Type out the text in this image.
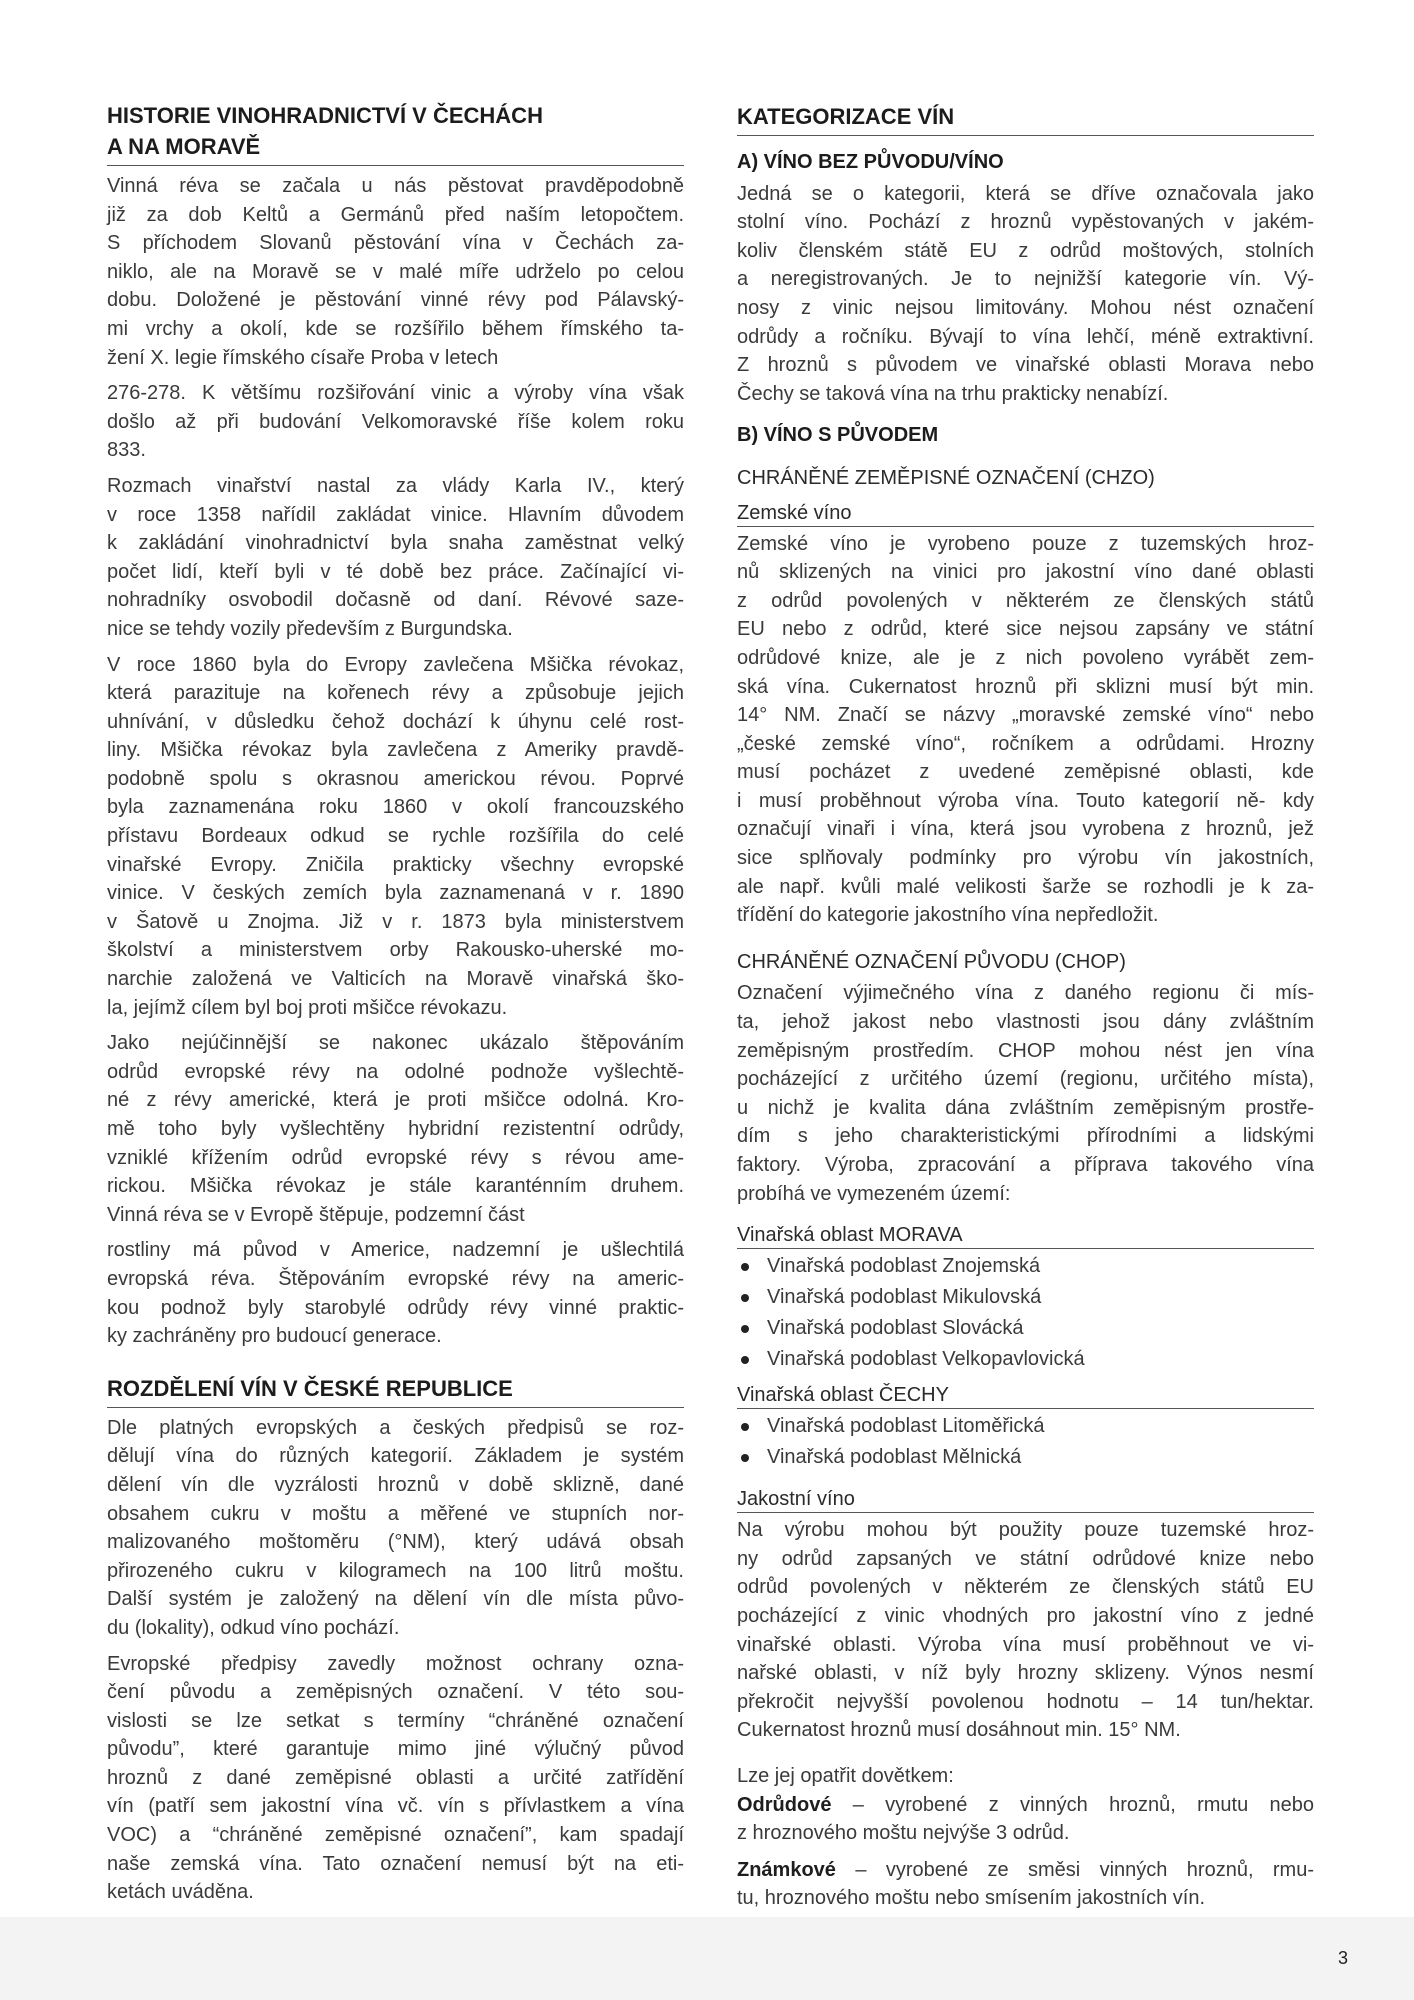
HISTORIE VINOHRADNICTVÍ V ČECHÁCH
A NA MORAVĚ
Vinná réva se začala u nás pěstovat pravděpodobně
již za dob Keltů a Germánů před naším letopočtem.
S příchodem Slovanů pěstování vína v Čechách za-
niklo, ale na Moravě se v malé míře udrželo po celou
dobu. Doložené je pěstování vinné révy pod Pálavský-
mi vrchy a okolí, kde se rozšířilo během římského ta-
žení X. legie římského císaře Proba v letech
276-278. K většímu rozšiřování vinic a výroby vína však
došlo až při budování Velkomoravské říše kolem roku
833.
Rozmach vinařství nastal za vlády Karla IV., který
v roce 1358 nařídil zakládat vinice. Hlavním důvodem
k zakládání vinohradnictví byla snaha zaměstnat velký
počet lidí, kteří byli v té době bez práce. Začínající vi-
nohradníky osvobodil dočasně od daní. Révové saze-
nice se tehdy vozily především z Burgundska.
V roce 1860 byla do Evropy zavlečena Mšička révokaz,
která parazituje na kořenech révy a způsobuje jejich
uhnívání, v důsledku čehož dochází k úhynu celé rost-
liny. Mšička révokaz byla zavlečena z Ameriky pravdě-
podobně spolu s okrasnou americkou révou. Poprvé
byla zaznamenána roku 1860 v okolí francouzského
přístavu Bordeaux odkud se rychle rozšířila do celé
vinařské Evropy. Zničila prakticky všechny evropské
vinice. V českých zemích byla zaznamenaná v r. 1890
v Šatově u Znojma. Již v r. 1873 byla ministerstvem
školství a ministerstvem orby Rakousko-uherské mo-
narchie založená ve Valticích na Moravě vinařská ško-
la, jejímž cílem byl boj proti mšičce révokazu.
Jako nejúčinnější se nakonec ukázalo štěpováním
odrůd evropské révy na odolné podnože vyšlechtě-
né z révy americké, která je proti mšičce odolná. Kro-
mě toho byly vyšlechtěny hybridní rezistentní odrůdy,
vzniklé křížením odrůd evropské révy s révou ame-
rickou. Mšička révokaz je stále karanténním druhem.
Vinná réva se v Evropě štěpuje, podzemní část
rostliny má původ v Americe, nadzemní je ušlechtilá
evropská réva. Štěpováním evropské révy na americ-
kou podnož byly starobylé odrůdy révy vinné praktic-
ky zachráněny pro budoucí generace.
ROZDĚLENÍ VÍN V ČESKÉ REPUBLICE
Dle platných evropských a českých předpisů se roz-
dělují vína do různých kategorií. Základem je systém
dělení vín dle vyzrálosti hroznů v době sklizně, dané
obsahem cukru v moštu a měřené ve stupních nor-
malizovaného moštoměru (°NM), který udává obsah
přirozeného cukru v kilogramech na 100 litrů moštu.
Další systém je založený na dělení vín dle místa půvo-
du (lokality), odkud víno pochází.
Evropské předpisy zavedly možnost ochrany ozna-
čení původu a zeměpisných označení. V této sou-
vislosti se lze setkat s termíny “chráněné označení
původu”, které garantuje mimo jiné výlučný původ
hroznů z dané zeměpisné oblasti a určité zatřídění
vín (patří sem jakostní vína vč. vín s přívlastkem a vína
VOC) a “chráněné zeměpisné označení”, kam spadají
naše zemská vína. Tato označení nemusí být na eti-
ketách uváděna.
KATEGORIZACE VÍN
A) VÍNO BEZ PŮVODU/VÍNO
Jedná se o kategorii, která se dříve označovala jako
stolní víno. Pochází z hroznů vypěstovaných v jakém-
koliv členském státě EU z odrůd moštových, stolních
a neregistrovaných. Je to nejnižší kategorie vín. Vý-
nosy z vinic nejsou limitovány. Mohou nést označení
odrůdy a ročníku. Bývají to vína lehčí, méně extraktivní.
Z hroznů s původem ve vinařské oblasti Morava nebo
Čechy se taková vína na trhu prakticky nenabízí.
B) VÍNO S PŮVODEM
CHRÁNĚNÉ ZEMĚPISNÉ OZNAČENÍ (CHZO)
Zemské víno
Zemské víno je vyrobeno pouze z tuzemských hroz-
nů sklizených na vinici pro jakostní víno dané oblasti
z odrůd povolených v některém ze členských států
EU nebo z odrůd, které sice nejsou zapsány ve státní
odrůdové knize, ale je z nich povoleno vyrábět zem-
ská vína. Cukernatost hroznů při sklizni musí být min.
14° NM. Značí se názvy „moravské zemské víno“ nebo
„české zemské víno“, ročníkem a odrůdami. Hrozny
musí pocházet z uvedené zeměpisné oblasti, kde
i musí proběhnout výroba vína. Touto kategorií ně- kdy
označují vinaři i vína, která jsou vyrobena z hroznů, jež
sice splňovaly podmínky pro výrobu vín jakostních,
ale např. kvůli malé velikosti šarže se rozhodli je k za-
třídění do kategorie jakostního vína nepředložit.
CHRÁNĚNÉ OZNAČENÍ PŮVODU (CHOP)
Označení výjimečného vína z daného regionu či mís-
ta, jehož jakost nebo vlastnosti jsou dány zvláštním
zeměpisným prostředím. CHOP mohou nést jen vína
pocházející z určitého území (regionu, určitého místa),
u nichž je kvalita dána zvláštním zeměpisným prostře-
dím s jeho charakteristickými přírodními a lidskými
faktory. Výroba, zpracování a příprava takového vína
probíhá ve vymezeném území:
Vinařská oblast MORAVA
Vinařská podoblast Znojemská
Vinařská podoblast Mikulovská
Vinařská podoblast Slovácká
Vinařská podoblast Velkopavlovická
Vinařská oblast ČECHY
Vinařská podoblast Litoměřická
Vinařská podoblast Mělnická
Jakostní víno
Na výrobu mohou být použity pouze tuzemské hroz-
ny odrůd zapsaných ve státní odrůdové knize nebo
odrůd povolených v některém ze členských států EU
pocházející z vinic vhodných pro jakostní víno z jedné
vinařské oblasti. Výroba vína musí proběhnout ve vi-
nařské oblasti, v níž byly hrozny sklizeny. Výnos nesmí
překročit nejvyšší povolenou hodnotu – 14 tun/hektar.
Cukernatost hroznů musí dosáhnout min. 15° NM.
Lze jej opatřit dovětkem:
Odrůdové – vyrobené z vinných hroznů, rmutu nebo
z hroznového moštu nejvýše 3 odrůd.
Známkové – vyrobené ze směsi vinných hroznů, rmu-
tu, hroznového moštu nebo smísením jakostních vín.
3
